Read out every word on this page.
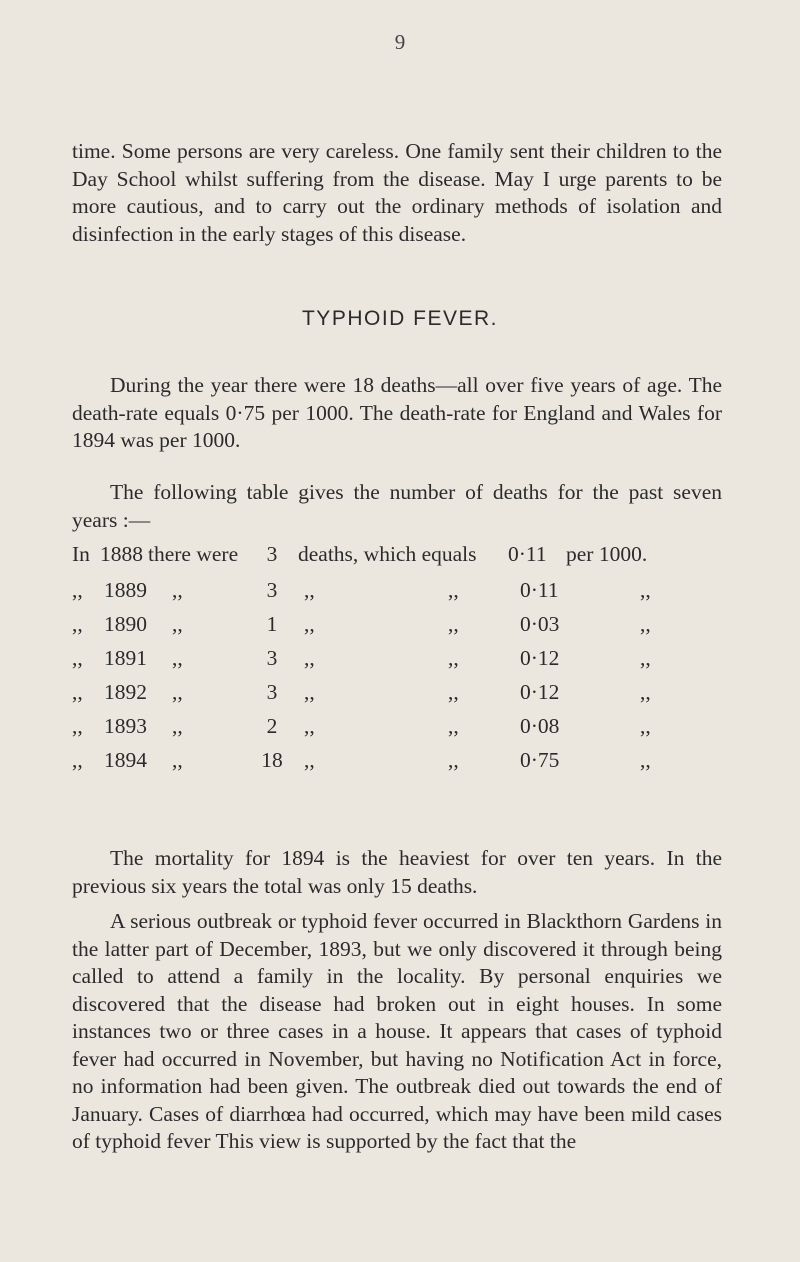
9
time. Some persons are very careless. One family sent their children to the Day School whilst suffering from the disease. May I urge parents to be more cautious, and to carry out the ordinary methods of isolation and disinfection in the early stages of this disease.
TYPHOID FEVER.
During the year there were 18 deaths—all over five years of age. The death-rate equals 0·75 per 1000. The death-rate for England and Wales for 1894 was per 1000.
The following table gives the number of deaths for the past seven years :—
In 1888 there were	3 deaths, which equals 0·11 per 1000.
,, 1889 ,,	3	,,	,,	0·11	,,
,, 1890 ,,	1	,,	,,	0·03	,,
,, 1891 ,,	3	,,	,,	0·12	,,
,, 1892 ,,	3	,,	,,	0·12	,,
,, 1893 ,,	2	,,	,,	0·08	,,
,, 1894 ,,	18 ,,	,,	0·75	,,
The mortality for 1894 is the heaviest for over ten years. In the previous six years the total was only 15 deaths.
A serious outbreak or typhoid fever occurred in Blackthorn Gardens in the latter part of December, 1893, but we only discovered it through being called to attend a family in the locality. By personal enquiries we discovered that the disease had broken out in eight houses. In some instances two or three cases in a house. It appears that cases of typhoid fever had occurred in November, but having no Notification Act in force, no information had been given. The outbreak died out towards the end of January. Cases of diarrhœa had occurred, which may have been mild cases of typhoid fever This view is supported by the fact that the
